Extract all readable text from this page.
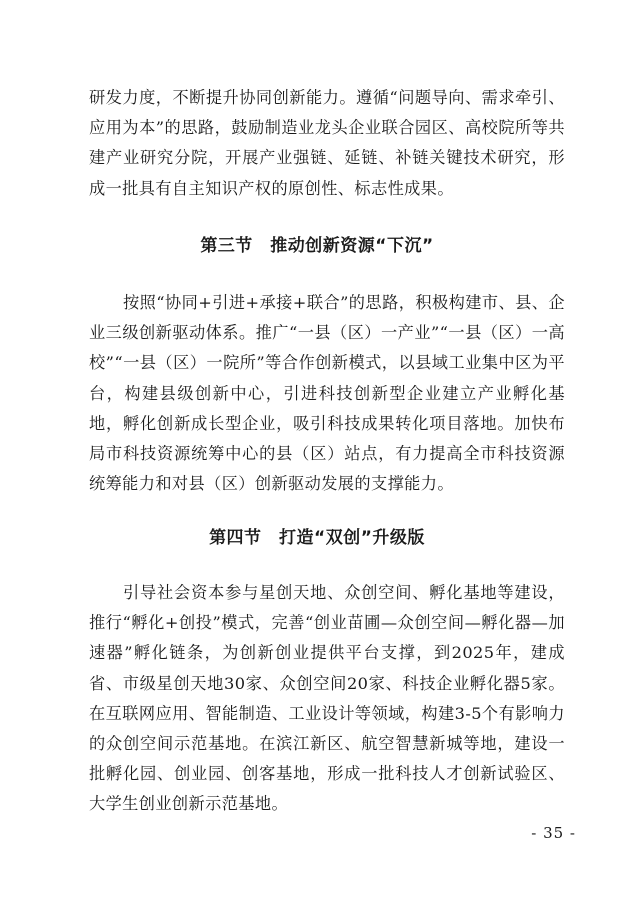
研发力度，不断提升协同创新能力。遵循“问题导向、需求牵引、应用为本”的思路，鼓励制造业龙头企业联合园区、高校院所等共建产业研究分院，开展产业强链、延链、补链关键技术研究，形成一批具有自主知识产权的原创性、标志性成果。

第三节　推动创新资源“下沉”

按照“协同+引进+承接+联合”的思路，积极构建市、县、企业三级创新驱动体系。推广“一县（区）一产业”“一县（区）一高校”“一县（区）一院所”等合作创新模式，以县域工业集中区为平台，构建县级创新中心，引进科技创新型企业建立产业孵化基地，孵化创新成长型企业，吸引科技成果转化项目落地。加快布局市科技资源统筹中心的县（区）站点，有力提高全市科技资源统筹能力和对县（区）创新驱动发展的支撑能力。

第四节　打造“双创”升级版

引导社会资本参与星创天地、众创空间、孵化基地等建设，推行“孵化+创投”模式，完善“创业苗圃—众创空间—孵化器—加速器”孵化链条，为创新创业提供平台支撑，到2025年，建成省、市级星创天地30家、众创空间20家、科技企业孵化器5家。在互联网应用、智能制造、工业设计等领域，构建3-5个有影响力的众创空间示范基地。在滨江新区、航空智慧新城等地，建设一批孵化园、创业园、创客基地，形成一批科技人才创新试验区、大学生创业创新示范基地。

- 35 -
